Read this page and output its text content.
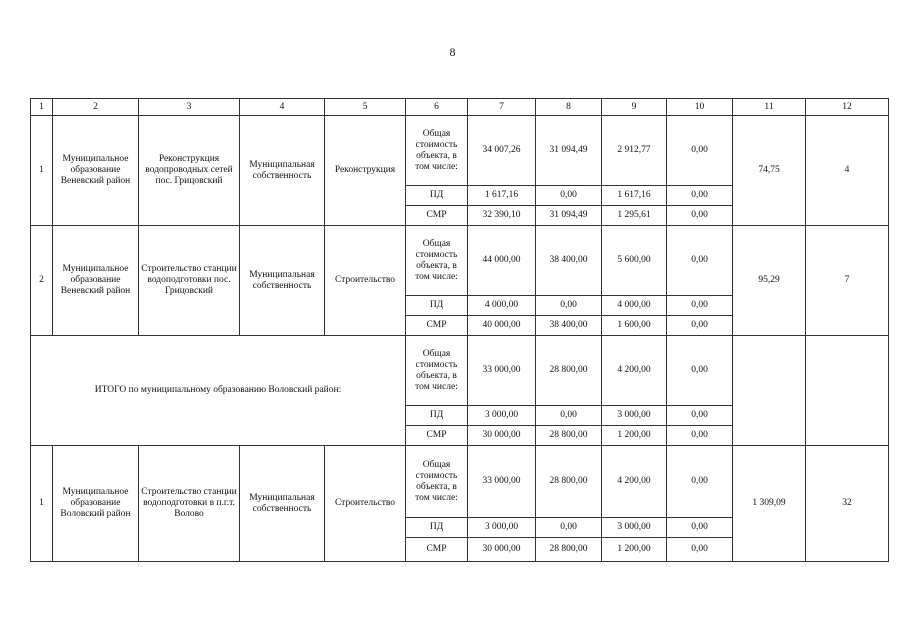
8
1	2	3	4	5	6	7	8	9	10	11	12
1	Муниципальное образование Веневский район	Реконструкция водопроводных сетей пос. Грицовский	Муниципальная собственность	Реконструкция	Общая стоимость объекта, в том числе:	34 007,26	31 094,49	2 912,77	0,00	74,75	4
					ПД	1 617,16	0,00	1 617,16	0,00		
					СМР	32 390,10	31 094,49	1 295,61	0,00		
2	Муниципальное образование Веневский район	Строительство станции водоподготовки пос. Грицовский	Муниципальная собственность	Строительство	Общая стоимость объекта, в том числе:	44 000,00	38 400,00	5 600,00	0,00	95,29	7
					ПД	4 000,00	0,00	4 000,00	0,00		
					СМР	40 000,00	38 400,00	1 600,00	0,00		
ИТОГО по муниципальному образованию Воловский район:					Общая стоимость объекта, в том числе:	33 000,00	28 800,00	4 200,00	0,00		
					ПД	3 000,00	0,00	3 000,00	0,00		
					СМР	30 000,00	28 800,00	1 200,00	0,00		
1	Муниципальное образование Воловский район	Строительство станции водоподготовки в п.г.т. Волово	Муниципальная собственность	Строительство	Общая стоимость объекта, в том числе:	33 000,00	28 800,00	4 200,00	0,00	1 309,09	32
					ПД	3 000,00	0,00	3 000,00	0,00		
					СМР	30 000,00	28 800,00	1 200,00	0,00		
